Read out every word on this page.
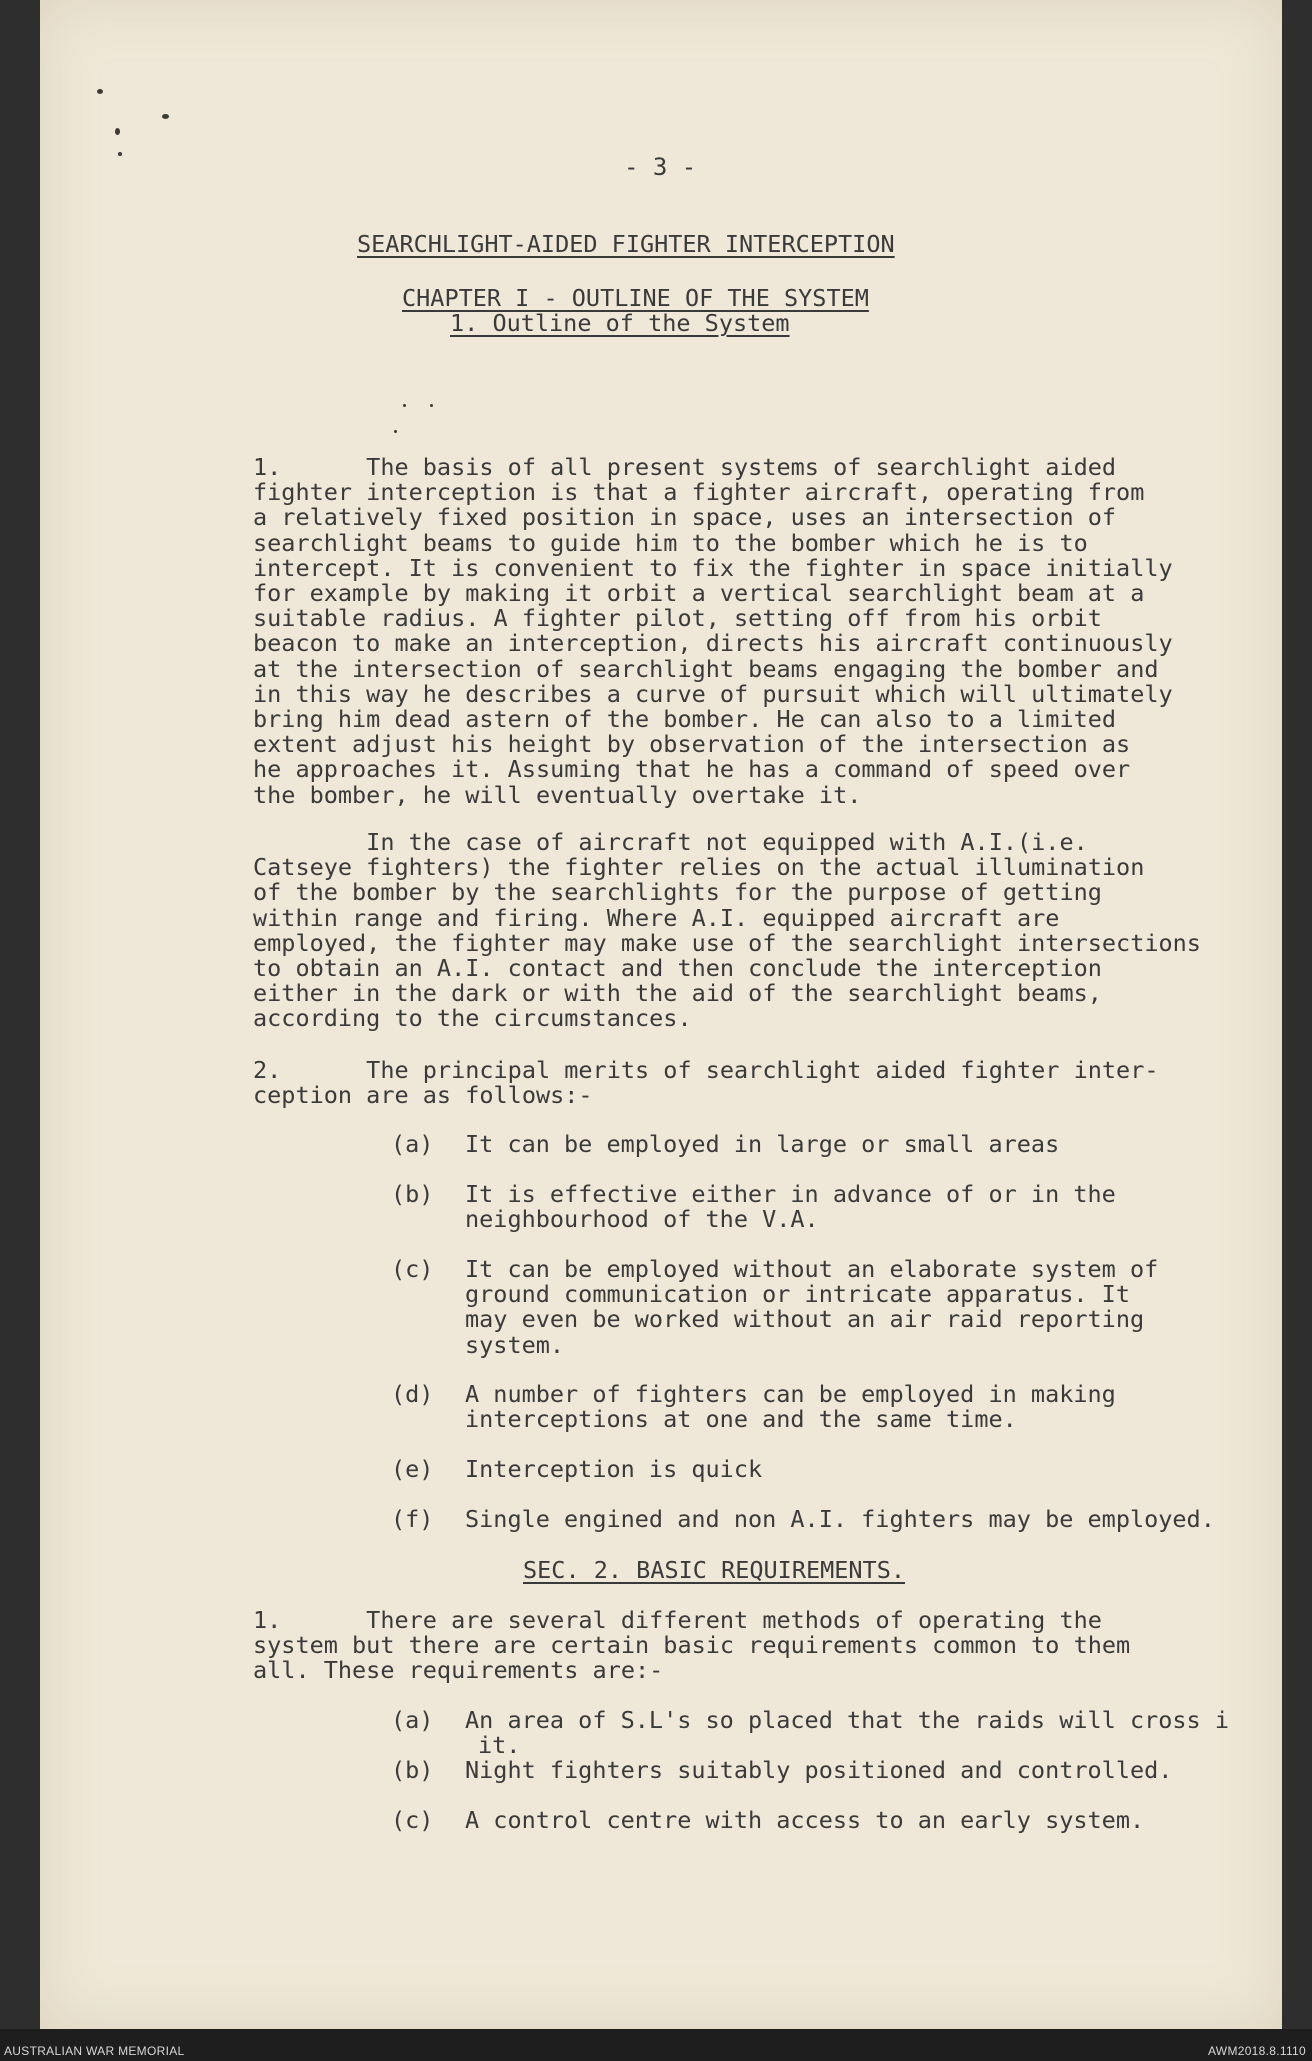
- 3 -
SEARCHLIGHT-AIDED FIGHTER INTERCEPTION
CHAPTER I - OUTLINE OF THE SYSTEM
1. Outline of the System
1.      The basis of all present systems of searchlight aided
fighter interception is that a fighter aircraft, operating from
a relatively fixed position in space, uses an intersection of
searchlight beams to guide him to the bomber which he is to
intercept. It is convenient to fix the fighter in space initially
for example by making it orbit a vertical searchlight beam at a
suitable radius. A fighter pilot, setting off from his orbit
beacon to make an interception, directs his aircraft continuously
at the intersection of searchlight beams engaging the bomber and
in this way he describes a curve of pursuit which will ultimately
bring him dead astern of the bomber. He can also to a limited
extent adjust his height by observation of the intersection as
he approaches it. Assuming that he has a command of speed over
the bomber, he will eventually overtake it.
In the case of aircraft not equipped with A.I.(i.e.
Catseye fighters) the fighter relies on the actual illumination
of the bomber by the searchlights for the purpose of getting
within range and firing. Where A.I. equipped aircraft are
employed, the fighter may make use of the searchlight intersections
to obtain an A.I. contact and then conclude the interception
either in the dark or with the aid of the searchlight beams,
according to the circumstances.
2.      The principal merits of searchlight aided fighter inter-
ception are as follows:-
(a) It can be employed in large or small areas
(b) It is effective either in advance of or in the
neighbourhood of the V.A.
(c) It can be employed without an elaborate system of
ground communication or intricate apparatus. It
may even be worked without an air raid reporting
system.
(d) A number of fighters can be employed in making
interceptions at one and the same time.
(e) Interception is quick
(f) Single engined and non A.I. fighters may be employed.
SEC. 2. BASIC REQUIREMENTS.
1.      There are several different methods of operating the
system but there are certain basic requirements common to them
all. These requirements are:-
(a) An area of S.L's so placed that the raids will cross i
it.
(b) Night fighters suitably positioned and controlled.
(c) A control centre with access to an early system.
AUSTRALIAN WAR MEMORIAL	AWM2018.8.1110
